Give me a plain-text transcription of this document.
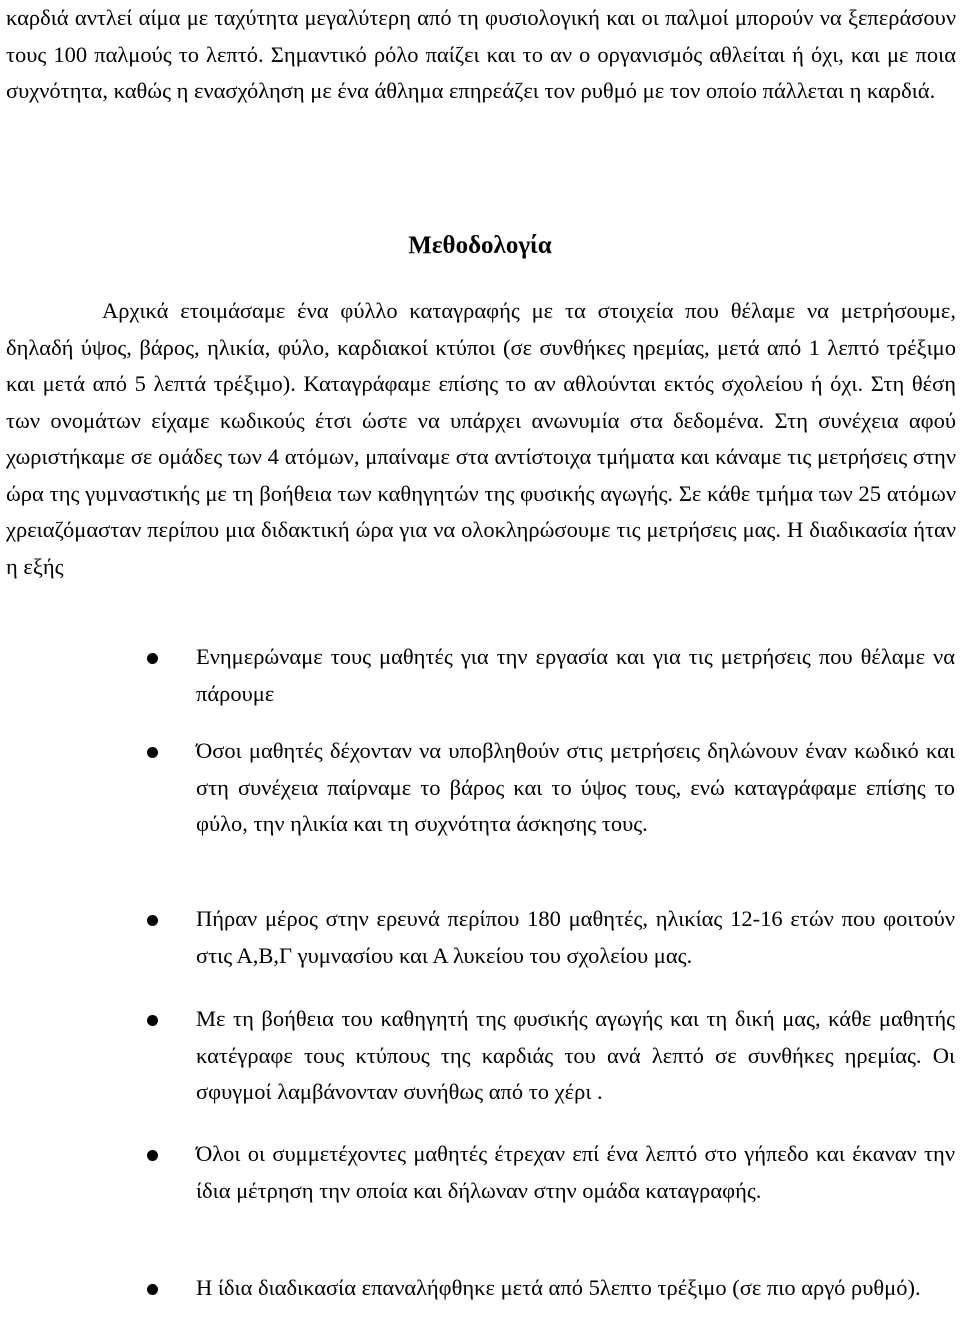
καρδιά αντλεί αίμα με ταχύτητα μεγαλύτερη από τη φυσιολογική και οι παλμοί μπορούν να ξεπεράσουν τους 100 παλμούς το λεπτό. Σημαντικό ρόλο παίζει και το αν ο οργανισμός αθλείται ή όχι, και με ποια συχνότητα, καθώς η ενασχόληση με ένα άθλημα επηρεάζει τον ρυθμό με τον οποίο πάλλεται η καρδιά.

Μεθοδολογία

Αρχικά ετοιμάσαμε ένα φύλλο καταγραφής με τα στοιχεία που θέλαμε να μετρήσουμε, δηλαδή ύψος, βάρος, ηλικία, φύλο, καρδιακοί κτύποι (σε συνθήκες ηρεμίας, μετά από 1 λεπτό τρέξιμο και μετά από 5 λεπτά τρέξιμο). Καταγράφαμε επίσης το αν αθλούνται εκτός σχολείου ή όχι. Στη θέση των ονομάτων είχαμε κωδικούς έτσι ώστε να υπάρχει ανωνυμία στα δεδομένα. Στη συνέχεια αφού χωριστήκαμε σε ομάδες των 4 ατόμων, μπαίναμε στα αντίστοιχα τμήματα και κάναμε τις μετρήσεις στην ώρα της γυμναστικής με τη βοήθεια των καθηγητών της φυσικής αγωγής. Σε κάθε τμήμα των 25 ατόμων χρειαζόμασταν περίπου μια διδακτική ώρα για να ολοκληρώσουμε τις μετρήσεις μας. Η διαδικασία ήταν η εξής

Ενημερώναμε τους μαθητές για την εργασία και για τις μετρήσεις που θέλαμε να πάρουμε

Όσοι μαθητές δέχονταν να υποβληθούν στις μετρήσεις δηλώνουν έναν κωδικό και στη συνέχεια παίρναμε το βάρος και το ύψος τους, ενώ καταγράφαμε επίσης το φύλο, την ηλικία και τη συχνότητα άσκησης τους.

Πήραν μέρος στην ερευνά περίπου 180 μαθητές, ηλικίας 12-16 ετών που φοιτούν στις Α,Β,Γ γυμνασίου και Α λυκείου του σχολείου μας.

Με τη βοήθεια του καθηγητή της φυσικής αγωγής και τη δική μας, κάθε μαθητής κατέγραφε τους κτύπους της καρδιάς του ανά λεπτό σε συνθήκες ηρεμίας. Οι σφυγμοί λαμβάνονταν συνήθως από το χέρι .

Όλοι οι συμμετέχοντες μαθητές έτρεχαν επί ένα λεπτό στο γήπεδο και έκαναν την ίδια μέτρηση την οποία και δήλωναν στην ομάδα καταγραφής.

Η ίδια διαδικασία επαναλήφθηκε μετά από 5λεπτο τρέξιμο (σε πιο αργό ρυθμό).
